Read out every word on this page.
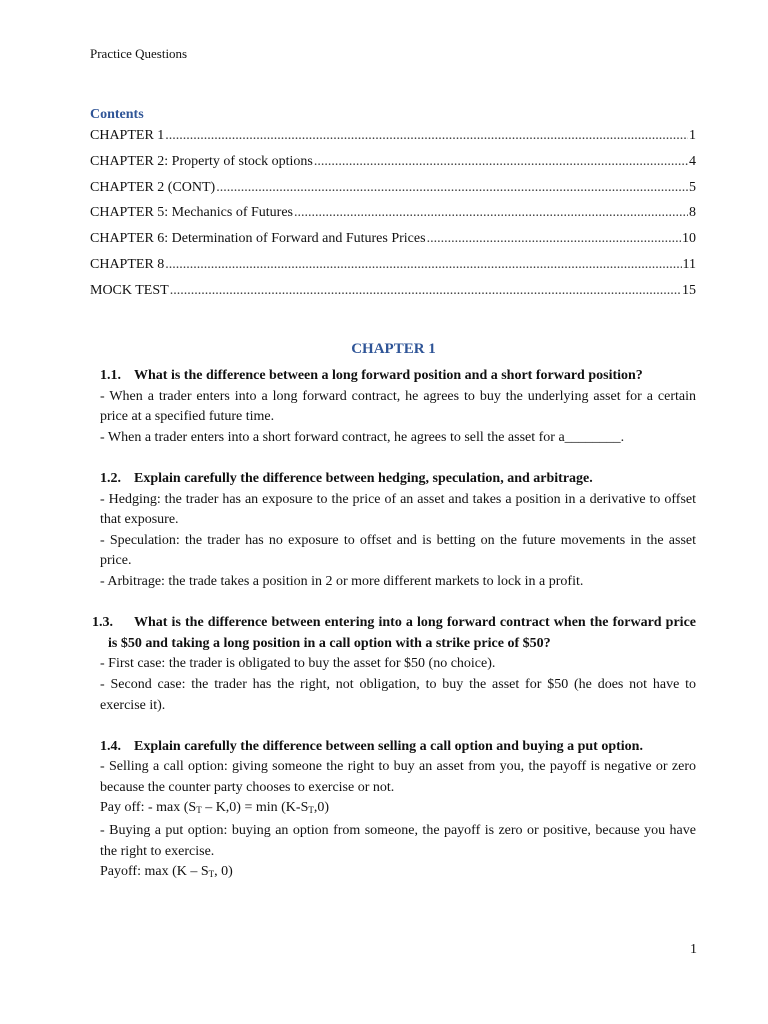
Practice Questions
Contents
CHAPTER 1 .....	1
CHAPTER 2: Property of stock options .....	4
CHAPTER 2 (CONT) .....	5
CHAPTER 5: Mechanics of Futures .....	8
CHAPTER 6: Determination of Forward and Futures Prices .....	10
CHAPTER 8 .....	11
MOCK TEST .....	15
CHAPTER 1
1.1. What is the difference between a long forward position and a short forward position?
- When a trader enters into a long forward contract, he agrees to buy the underlying asset for a certain price at a specified future time.
- When a trader enters into a short forward contract, he agrees to sell the asset for a________.
1.2. Explain carefully the difference between hedging, speculation, and arbitrage.
- Hedging: the trader has an exposure to the price of an asset and takes a position in a derivative to offset that exposure.
- Speculation: the trader has no exposure to offset and is betting on the future movements in the asset price.
- Arbitrage: the trade takes a position in 2 or more different markets to lock in a profit.
1.3. What is the difference between entering into a long forward contract when the forward price is $50 and taking a long position in a call option with a strike price of $50?
- First case: the trader is obligated to buy the asset for $50 (no choice).
- Second case: the trader has the right, not obligation, to buy the asset for $50 (he does not have to exercise it).
1.4. Explain carefully the difference between selling a call option and buying a put option.
- Selling a call option: giving someone the right to buy an asset from you, the payoff is negative or zero because the counter party chooses to exercise or not.
Pay off: - $\max (S_T - K,0) = \min (K-S_T,0)$
- Buying a put option: buying an option from someone, the payoff is zero or positive, because you have the right to exercise.
Payoff: $\max (K - S_T$, 0)
1
